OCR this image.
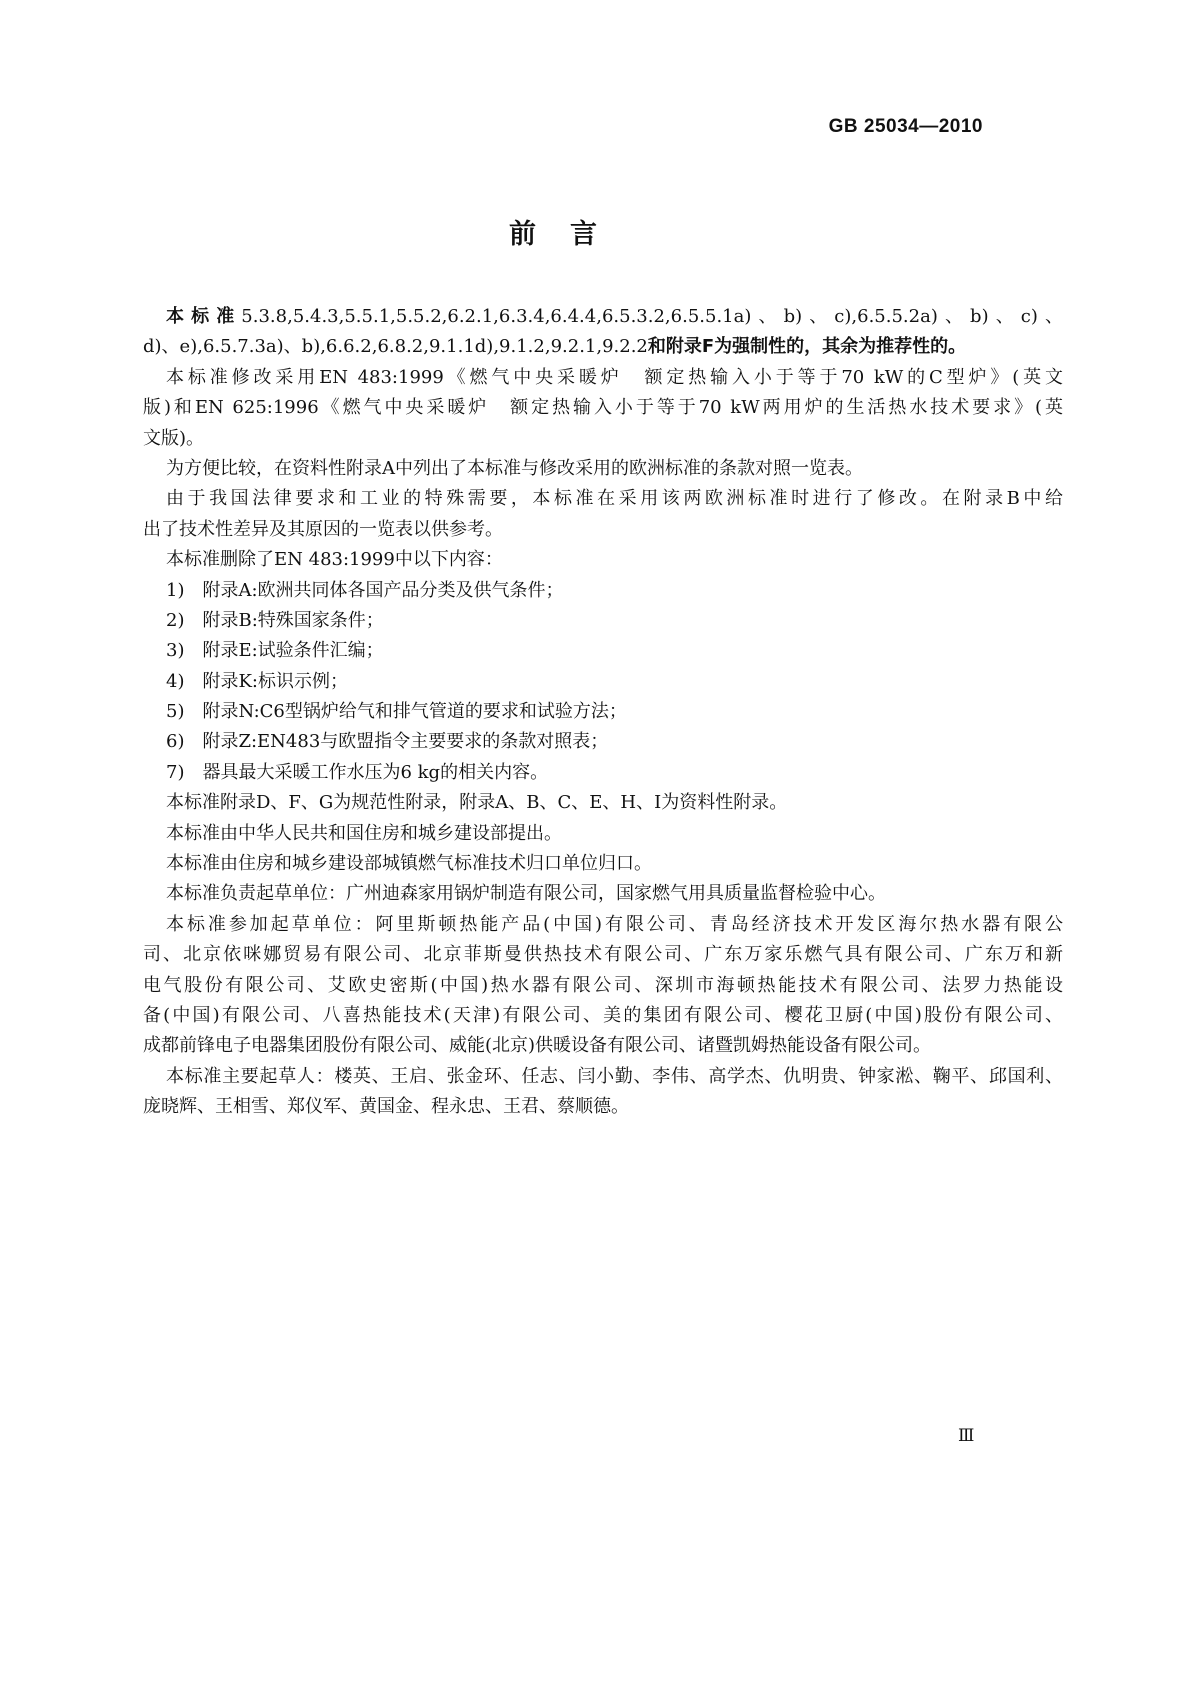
GB 25034—2010
前言
本标准5.3.8,5.4.3,5.5.1,5.5.2,6.2.1,6.3.4,6.4.4,6.5.3.2,6.5.5.1a)、b)、c),6.5.5.2a)、b)、c)、
d)、e),6.5.7.3a)、b),6.6.2,6.8.2,9.1.1d),9.1.2,9.2.1,9.2.2和附录F为强制性的，其余为推荐性的。
本标准修改采用EN 483:1999《燃气中央采暖炉　额定热输入小于等于70 kW的C型炉》(英文
版)和EN 625:1996《燃气中央采暖炉　额定热输入小于等于70 kW两用炉的生活热水技术要求》(英
文版)。
为方便比较，在资料性附录A中列出了本标准与修改采用的欧洲标准的条款对照一览表。
由于我国法律要求和工业的特殊需要，本标准在采用该两欧洲标准时进行了修改。在附录B中给
出了技术性差异及其原因的一览表以供参考。
本标准删除了EN 483:1999中以下内容：
1)　附录A:欧洲共同体各国产品分类及供气条件；
2)　附录B:特殊国家条件；
3)　附录E:试验条件汇编；
4)　附录K:标识示例；
5)　附录N:C6型锅炉给气和排气管道的要求和试验方法；
6)　附录Z:EN483与欧盟指令主要要求的条款对照表；
7)　器具最大采暖工作水压为6 kg的相关内容。
本标准附录D、F、G为规范性附录，附录A、B、C、E、H、I为资料性附录。
本标准由中华人民共和国住房和城乡建设部提出。
本标准由住房和城乡建设部城镇燃气标准技术归口单位归口。
本标准负责起草单位：广州迪森家用锅炉制造有限公司，国家燃气用具质量监督检验中心。
本标准参加起草单位：阿里斯顿热能产品(中国)有限公司、青岛经济技术开发区海尔热水器有限公
司、北京依咪娜贸易有限公司、北京菲斯曼供热技术有限公司、广东万家乐燃气具有限公司、广东万和新
电气股份有限公司、艾欧史密斯(中国)热水器有限公司、深圳市海顿热能技术有限公司、法罗力热能设
备(中国)有限公司、八喜热能技术(天津)有限公司、美的集团有限公司、樱花卫厨(中国)股份有限公司、
成都前锋电子电器集团股份有限公司、威能(北京)供暖设备有限公司、诸暨凯姆热能设备有限公司。
本标准主要起草人：楼英、王启、张金环、任志、闫小勤、李伟、高学杰、仇明贵、钟家淞、鞠平、邱国利、
庞晓辉、王相雪、郑仪军、黄国金、程永忠、王君、蔡顺德。
Ⅲ
